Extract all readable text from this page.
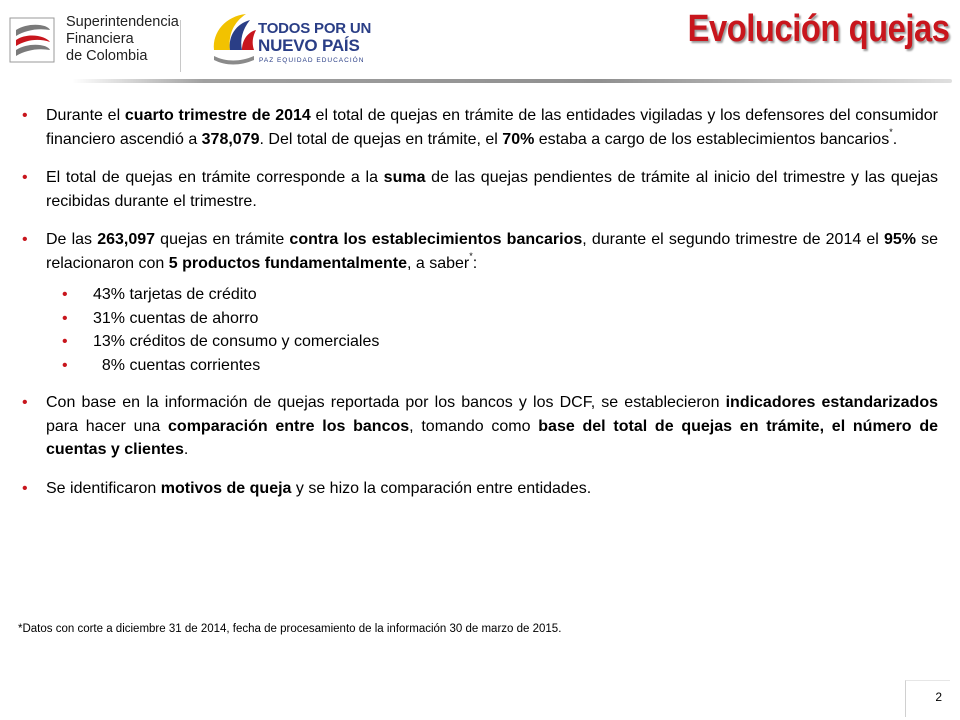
Superintendencia
Financiera
de Colombia
TODOS POR UN
NUEVO PAÍS
PAZ EQUIDAD EDUCACIÓN
Evolución quejas
• Durante el cuarto trimestre de 2014 el total de quejas en trámite de las entidades vigiladas y los defensores del consumidor financiero ascendió a 378,079. Del total de quejas en trámite, el 70% estaba a cargo de los establecimientos bancarios*.
• El total de quejas en trámite corresponde a la suma de las quejas pendientes de trámite al inicio del trimestre y las quejas recibidas durante el trimestre.
• De las 263,097 quejas en trámite contra los establecimientos bancarios, durante el segundo trimestre de 2014 el 95% se relacionaron con 5 productos fundamentalmente, a saber*:
• 43% tarjetas de crédito
• 31% cuentas de ahorro
• 13% créditos de consumo y comerciales
• 8% cuentas corrientes
• Con base en la información de quejas reportada por los bancos y los DCF, se establecieron indicadores estandarizados para hacer una comparación entre los bancos, tomando como base del total de quejas en trámite, el número de cuentas y clientes.
• Se identificaron motivos de queja y se hizo la comparación entre entidades.
*Datos con corte a diciembre 31 de 2014, fecha de procesamiento de la información 30 de marzo de 2015.
2
